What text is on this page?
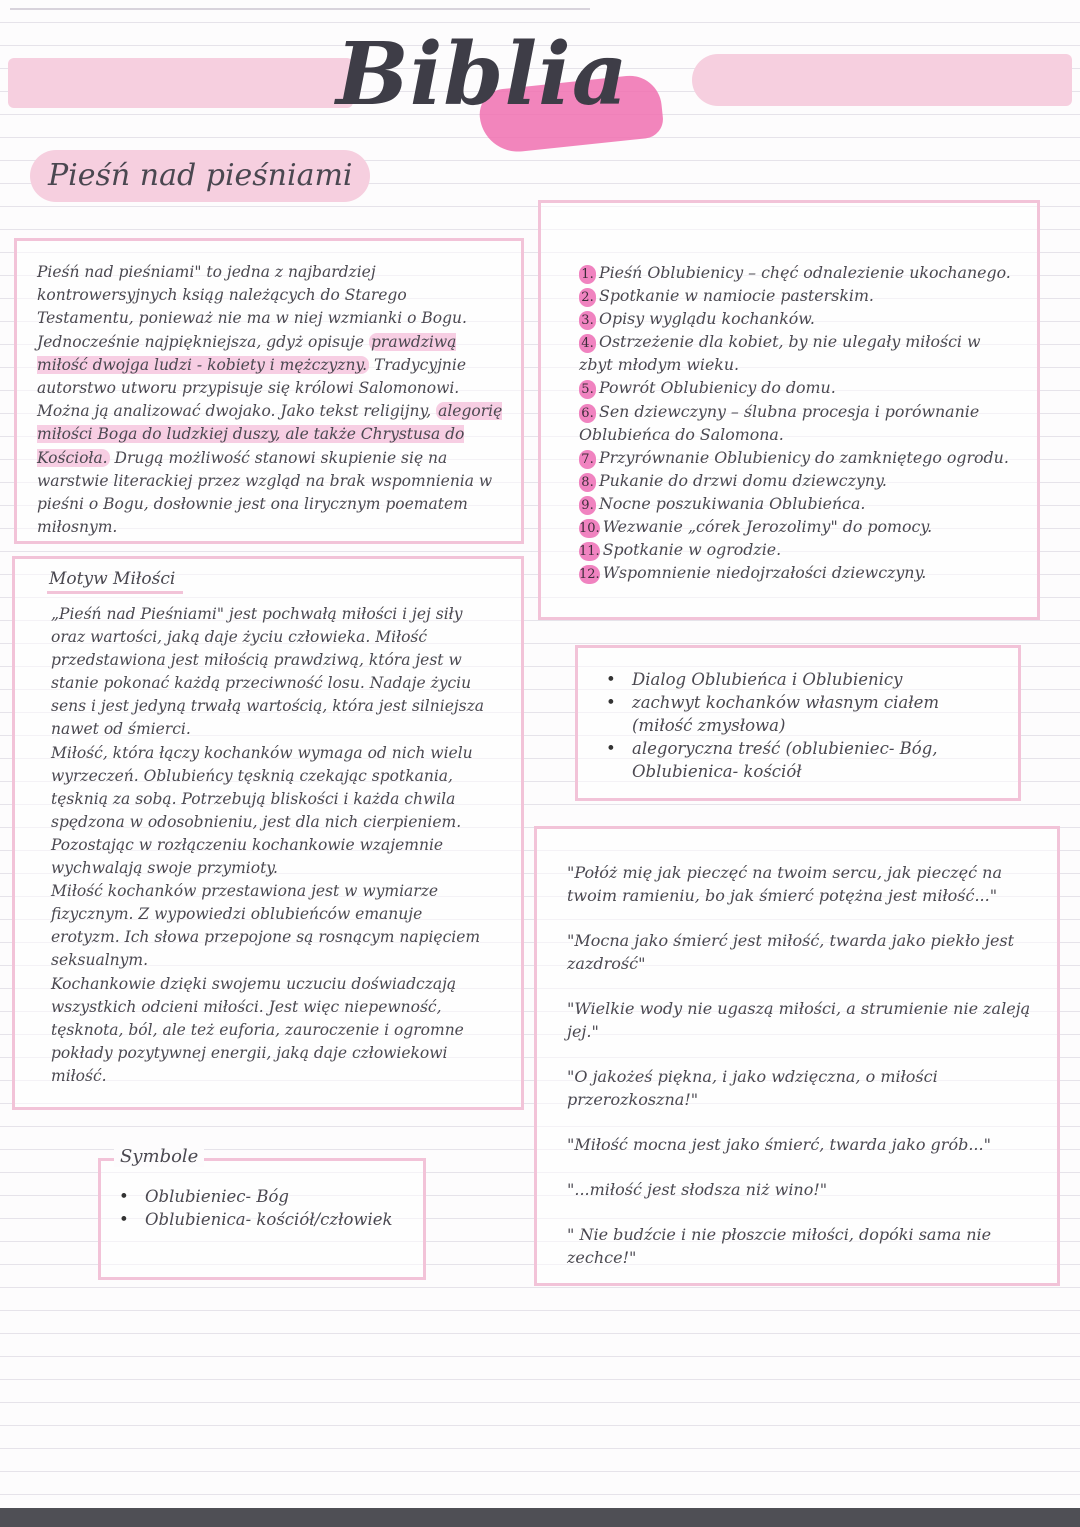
Biblia
Pieśń nad pieśniami
Pieśń nad pieśniami" to jedna z najbardziej kontrowersyjnych ksiąg należących do Starego Testamentu, ponieważ nie ma w niej wzmianki o Bogu. Jednocześnie najpiękniejsza, gdyż opisuje prawdziwą miłość dwojga ludzi - kobiety i mężczyzny. Tradycyjnie autorstwo utworu przypisuje się królowi Salomonowi. Można ją analizować dwojako. Jako tekst religijny, alegorię miłości Boga do ludzkiej duszy, ale także Chrystusa do Kościoła. Drugą możliwość stanowi skupienie się na warstwie literackiej przez wzgląd na brak wspomnienia w pieśni o Bogu, dosłownie jest ona lirycznym poematem miłosnym.
Motyw Miłości
„Pieśń nad Pieśniami" jest pochwałą miłości i jej siły oraz wartości, jaką daje życiu człowieka. Miłość przedstawiona jest miłością prawdziwą, która jest w stanie pokonać każdą przeciwność losu. Nadaje życiu sens i jest jedyną trwałą wartością, która jest silniejsza nawet od śmierci.
Miłość, która łączy kochanków wymaga od nich wielu wyrzeczeń. Oblubieńcy tęsknią czekając spotkania, tęsknią za sobą. Potrzebują bliskości i każda chwila spędzona w odosobnieniu, jest dla nich cierpieniem. Pozostając w rozłączeniu kochankowie wzajemnie wychwalają swoje przymioty.
Miłość kochanków przestawiona jest w wymiarze fizycznym. Z wypowiedzi oblubieńców emanuje erotyzm. Ich słowa przepojone są rosnącym napięciem seksualnym.
Kochankowie dzięki swojemu uczuciu doświadczają wszystkich odcieni miłości. Jest więc niepewność, tęsknota, ból, ale też euforia, zauroczenie i ogromne pokłady pozytywnej energii, jaką daje człowiekowi miłość.
• Oblubieniec- Bóg
• Oblubienica- kościół/człowiek
Symbole
1. Pieśń Oblubienicy – chęć odnalezienie ukochanego.
2. Spotkanie w namiocie pasterskim.
3. Opisy wyglądu kochanków.
4. Ostrzeżenie dla kobiet, by nie ulegały miłości w zbyt młodym wieku.
5. Powrót Oblubienicy do domu.
6. Sen dziewczyny – ślubna procesja i porównanie Oblubieńca do Salomona.
7. Przyrównanie Oblubienicy do zamkniętego ogrodu.
8. Pukanie do drzwi domu dziewczyny.
9. Nocne poszukiwania Oblubieńca.
10. Wezwanie „córek Jerozolimy" do pomocy.
11. Spotkanie w ogrodzie.
12. Wspomnienie niedojrzałości dziewczyny.
• Dialog Oblubieńca i Oblubienicy
• zachwyt kochanków własnym ciałem (miłość zmysłowa)
• alegoryczna treść (oblubieniec- Bóg, Oblubienica- kościół

"Połóż mię jak pieczęć na twoim sercu, jak pieczęć na twoim ramieniu, bo jak śmierć potężna jest miłość..."

"Mocna jako śmierć jest miłość, twarda jako piekło jest zazdrość"

"Wielkie wody nie ugaszą miłości, a strumienie nie zaleją jej."

"O jakożeś piękna, i jako wdzięczna, o miłości przerozkoszna!"

"Miłość mocna jest jako śmierć, twarda jako grób..."

"...miłość jest słodsza niż wino!"

" Nie budźcie i nie płoszcie miłości, dopóki sama nie zechce!"
